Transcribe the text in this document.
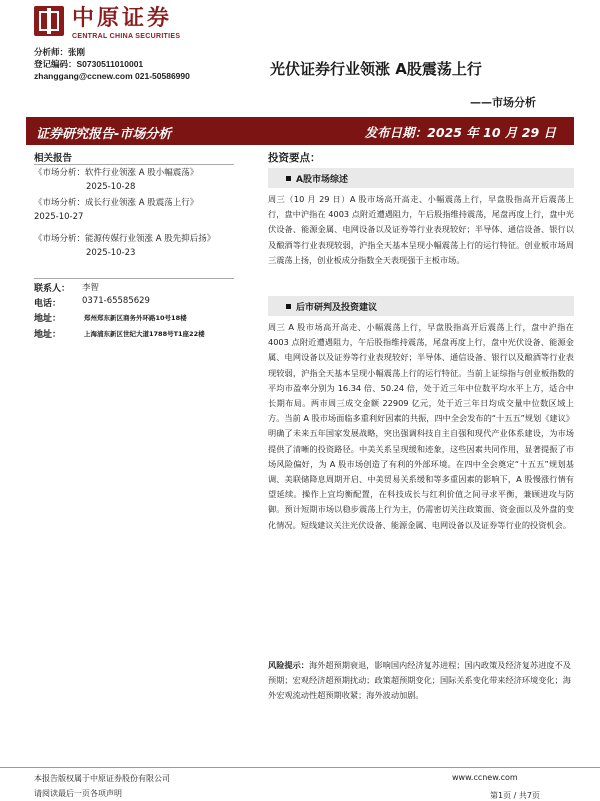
中原证券
CENTRAL CHINA SECURITIES
分析师：张刚
登记编码：S0730511010001
zhanggang@ccnew.com 021-50586990	光伏证券行业领涨 A股震荡上行
——市场分析
证券研究报告-市场分析	发布日期：2025 年 10 月 29 日
相关报告
《市场分析：软件行业领涨 A 股小幅震荡》
2025-10-28
《市场分析：成长行业领涨 A 股震荡上行》
2025-10-27
《市场分析：能源传媒行业领涨 A 股先抑后扬》
2025-10-23
联系人： 李智
电话： 0371-65585629
地址：	郑州郑东新区商务外环路10号18楼
地址：	上海浦东新区世纪大道1788号T1座22楼
投资要点：
A股市场综述
周三（10 月 29 日）A 股市场高开高走、小幅震荡上行，早盘股指高开后震荡上行，盘中沪指在 4003 点附近遭遇阻力，午后股指维持震荡，尾盘再度上行，盘中光伏设备、能源金属、电网设备以及证券等行业表现较好；半导体、通信设备、银行以及酿酒等行业表现较弱，沪指全天基本呈现小幅震荡上行的运行特征。创业板市场周三震荡上扬，创业板成分指数全天表现强于主板市场。
后市研判及投资建议
周三 A 股市场高开高走、小幅震荡上行，早盘股指高开后震荡上行，盘中沪指在 4003 点附近遭遇阻力，午后股指维持震荡，尾盘再度上行，盘中光伏设备、能源金属、电网设备以及证券等行业表现较好；半导体、通信设备、银行以及酿酒等行业表现较弱，沪指全天基本呈现小幅震荡上行的运行特征。当前上证综指与创业板指数的平均市盈率分别为 16.34 倍、50.24 倍，处于近三年中位数平均水平上方，适合中长期布局。两市周三成交金额 22909 亿元，处于近三年日均成交量中位数区域上方。当前 A 股市场面临多重利好因素的共振，四中全会发布的“十五五”规划《建议》明确了未来五年国家发展战略，突出强调科技自主自强和现代产业体系建设，为市场提供了清晰的投资路径。中美关系呈现缓和迹象，这些因素共同作用，显著提振了市场风险偏好，为 A 股市场创造了有利的外部环境。在四中全会奠定“十五五”规划基调、美联储降息周期开启、中美贸易关系缓和等多重因素的影响下，A 股慢涨行情有望延续。操作上宜均衡配置，在科技成长与红利价值之间寻求平衡，兼顾进攻与防御。预计短期市场以稳步震荡上行为主，仍需密切关注政策面、资金面以及外盘的变化情况。短线建议关注光伏设备、能源金属、电网设备以及证券等行业的投资机会。
风险提示：海外超预期衰退，影响国内经济复苏进程；国内政策及经济复苏进度不及预期；宏观经济超预期扰动；政策超预期变化；国际关系变化带来经济环境变化；海外宏观流动性超预期收紧；海外波动加剧。
本报告版权属于中原证券股份有限公司
请阅读最后一页各项声明
www.ccnew.com
第1页 / 共7页
